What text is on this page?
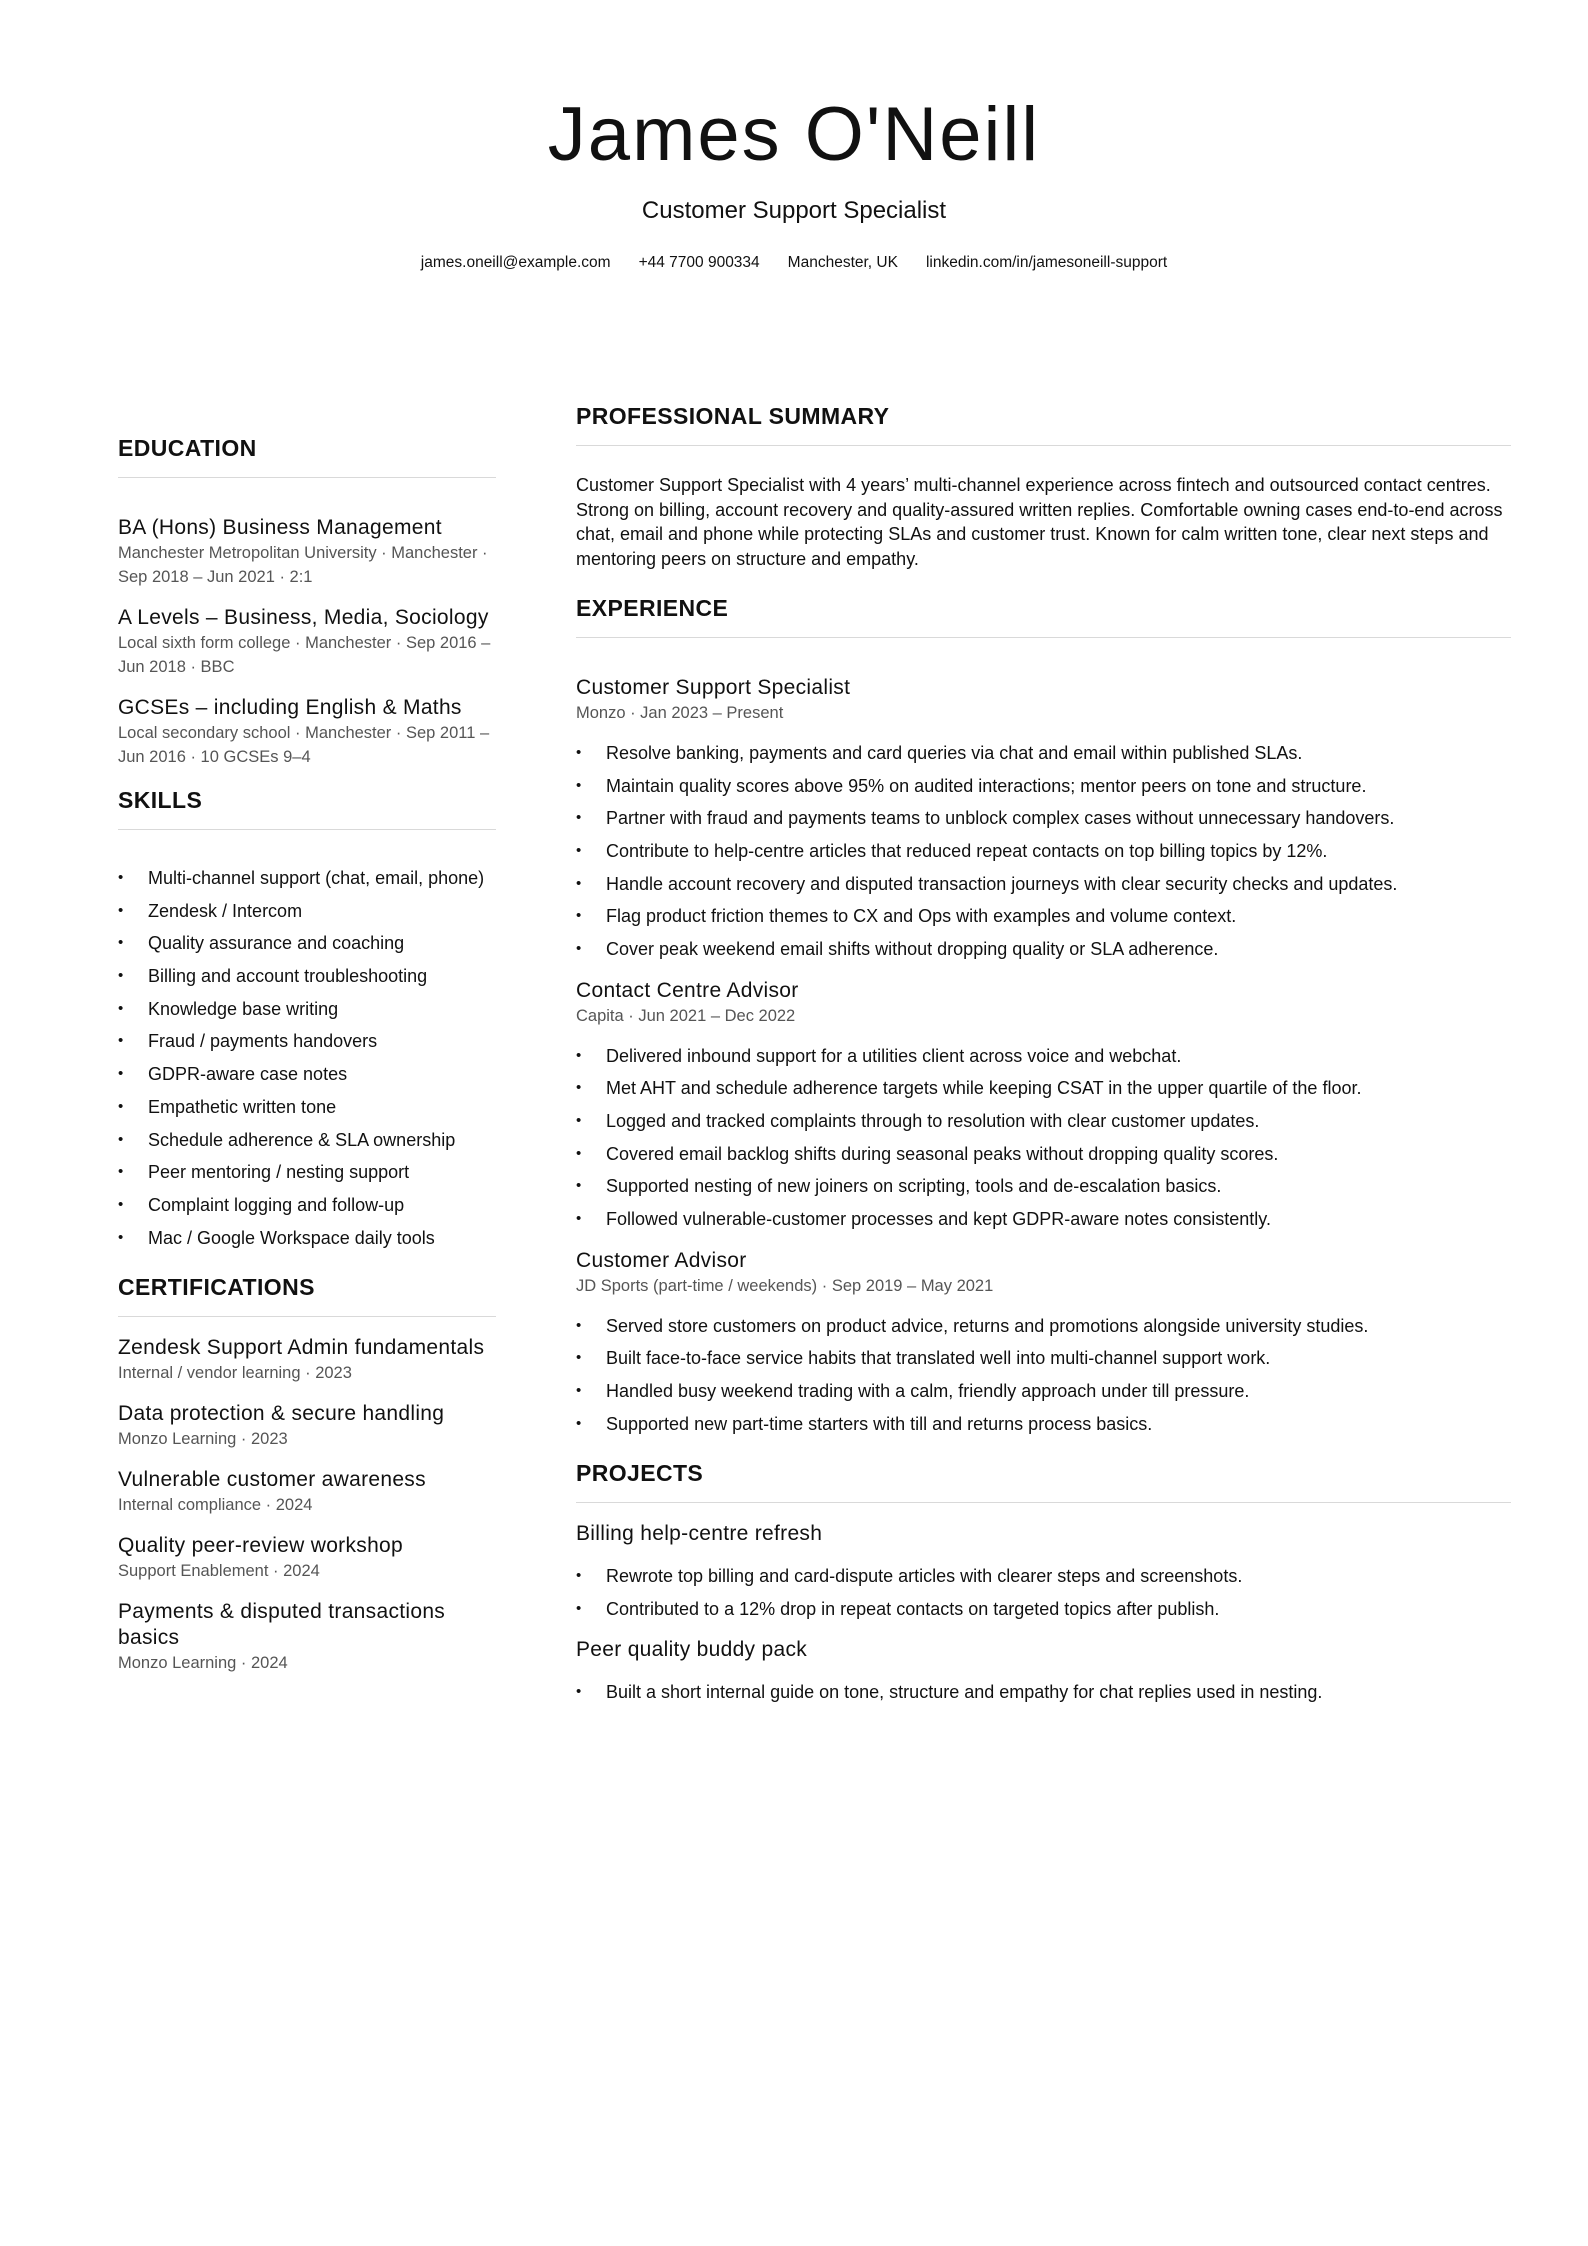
James O'Neill
Customer Support Specialist
james.oneill@example.com +44 7700 900334 Manchester, UK linkedin.com/in/jamesoneill-support
EDUCATION
BA (Hons) Business Management
Manchester Metropolitan University · Manchester · Sep 2018 – Jun 2021 · 2:1
A Levels – Business, Media, Sociology
Local sixth form college · Manchester · Sep 2016 – Jun 2018 · BBC
GCSEs – including English & Maths
Local secondary school · Manchester · Sep 2011 – Jun 2016 · 10 GCSEs 9–4
SKILLS
• Multi-channel support (chat, email, phone)
• Zendesk / Intercom
• Quality assurance and coaching
• Billing and account troubleshooting
• Knowledge base writing
• Fraud / payments handovers
• GDPR-aware case notes
• Empathetic written tone
• Schedule adherence & SLA ownership
• Peer mentoring / nesting support
• Complaint logging and follow-up
• Mac / Google Workspace daily tools
CERTIFICATIONS
Zendesk Support Admin fundamentals
Internal / vendor learning · 2023
Data protection & secure handling
Monzo Learning · 2023
Vulnerable customer awareness
Internal compliance · 2024
Quality peer-review workshop
Support Enablement · 2024
Payments & disputed transactions basics
Monzo Learning · 2024
PROFESSIONAL SUMMARY

Customer Support Specialist with 4 years’ multi-channel experience across fintech and outsourced contact centres. Strong on billing, account recovery and quality-assured written replies. Comfortable owning cases end-to-end across chat, email and phone while protecting SLAs and customer trust. Known for calm written tone, clear next steps and mentoring peers on structure and empathy.

EXPERIENCE
Customer Support Specialist
Monzo · Jan 2023 – Present
• Resolve banking, payments and card queries via chat and email within published SLAs.
• Maintain quality scores above 95% on audited interactions; mentor peers on tone and structure.
• Partner with fraud and payments teams to unblock complex cases without unnecessary handovers.
• Contribute to help-centre articles that reduced repeat contacts on top billing topics by 12%.
• Handle account recovery and disputed transaction journeys with clear security checks and updates.
• Flag product friction themes to CX and Ops with examples and volume context.
• Cover peak weekend email shifts without dropping quality or SLA adherence.
Contact Centre Advisor
Capita · Jun 2021 – Dec 2022
• Delivered inbound support for a utilities client across voice and webchat.
• Met AHT and schedule adherence targets while keeping CSAT in the upper quartile of the floor.
• Logged and tracked complaints through to resolution with clear customer updates.
• Covered email backlog shifts during seasonal peaks without dropping quality scores.
• Supported nesting of new joiners on scripting, tools and de-escalation basics.
• Followed vulnerable-customer processes and kept GDPR-aware notes consistently.
Customer Advisor
JD Sports (part-time / weekends) · Sep 2019 – May 2021
• Served store customers on product advice, returns and promotions alongside university studies.
• Built face-to-face service habits that translated well into multi-channel support work.
• Handled busy weekend trading with a calm, friendly approach under till pressure.
• Supported new part-time starters with till and returns process basics.
PROJECTS
Billing help-centre refresh
• Rewrote top billing and card-dispute articles with clearer steps and screenshots.
• Contributed to a 12% drop in repeat contacts on targeted topics after publish.
Peer quality buddy pack
• Built a short internal guide on tone, structure and empathy for chat replies used in nesting.
